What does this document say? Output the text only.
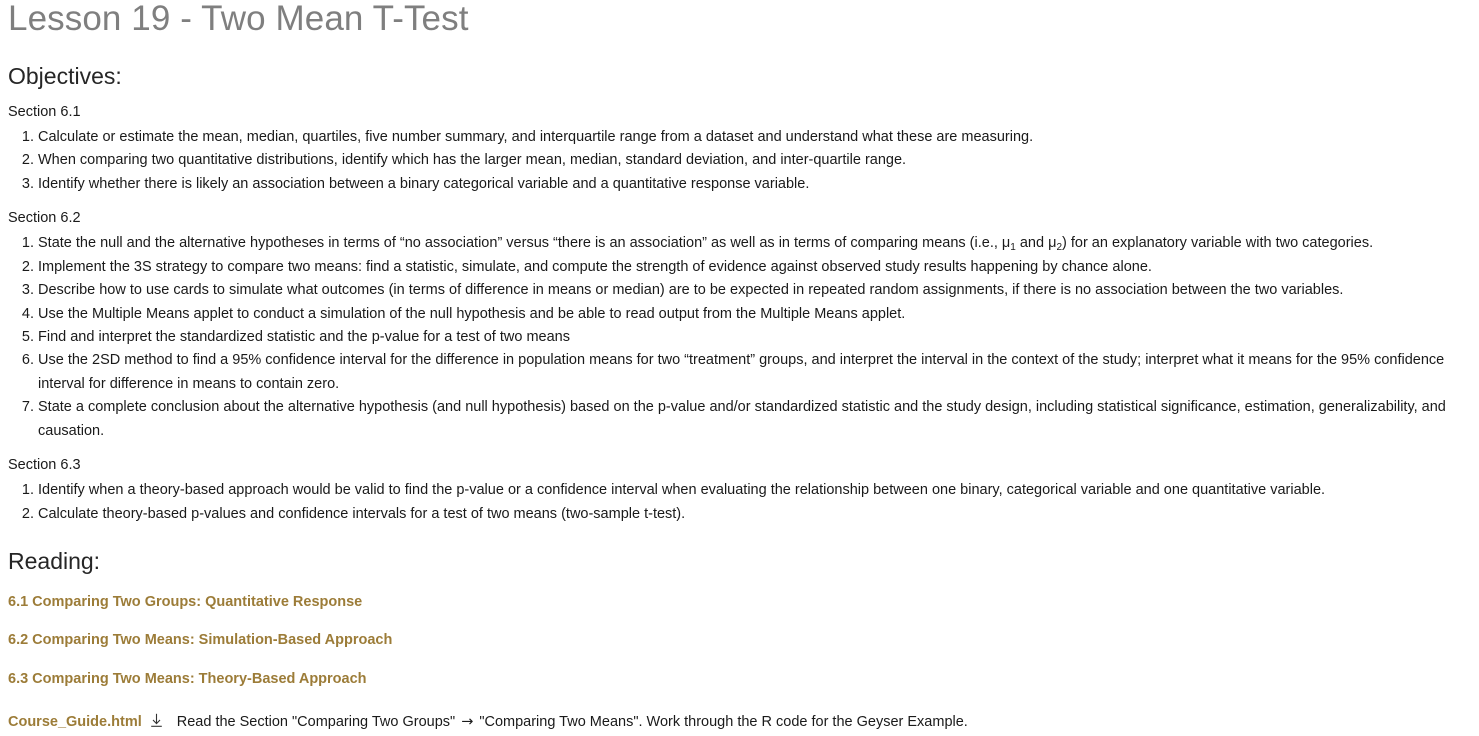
Lesson 19 - Two Mean T-Test
Objectives:
Section 6.1
1. Calculate or estimate the mean, median, quartiles, five number summary, and interquartile range from a dataset and understand what these are measuring.
2. When comparing two quantitative distributions, identify which has the larger mean, median, standard deviation, and inter-quartile range.
3. Identify whether there is likely an association between a binary categorical variable and a quantitative response variable.
Section 6.2
1. State the null and the alternative hypotheses in terms of “no association” versus “there is an association” as well as in terms of comparing means (i.e., $\mu_1$ and $\mu_2$) for an explanatory variable with two categories.
2. Implement the 3S strategy to compare two means: find a statistic, simulate, and compute the strength of evidence against observed study results happening by chance alone.
3. Describe how to use cards to simulate what outcomes (in terms of difference in means or median) are to be expected in repeated random assignments, if there is no association between the two variables.
4. Use the Multiple Means applet to conduct a simulation of the null hypothesis and be able to read output from the Multiple Means applet.
5. Find and interpret the standardized statistic and the p-value for a test of two means
6. Use the 2SD method to find a 95% confidence interval for the difference in population means for two “treatment” groups, and interpret the interval in the context of the study; interpret what it means for the 95% confidence interval for difference in means to contain zero.
7. State a complete conclusion about the alternative hypothesis (and null hypothesis) based on the p-value and/or standardized statistic and the study design, including statistical significance, estimation, generalizability, and causation.
Section 6.3
1. Identify when a theory-based approach would be valid to find the p-value or a confidence interval when evaluating the relationship between one binary, categorical variable and one quantitative variable.
2. Calculate theory-based p-values and confidence intervals for a test of two means (two-sample t-test).
Reading:
6.1 Comparing Two Groups: Quantitative Response
6.2 Comparing Two Means: Simulation-Based Approach
6.3 Comparing Two Means: Theory-Based Approach
Course_Guide.html Read the Section "Comparing Two Groups" → "Comparing Two Means". Work through the R code for the Geyser Example.
